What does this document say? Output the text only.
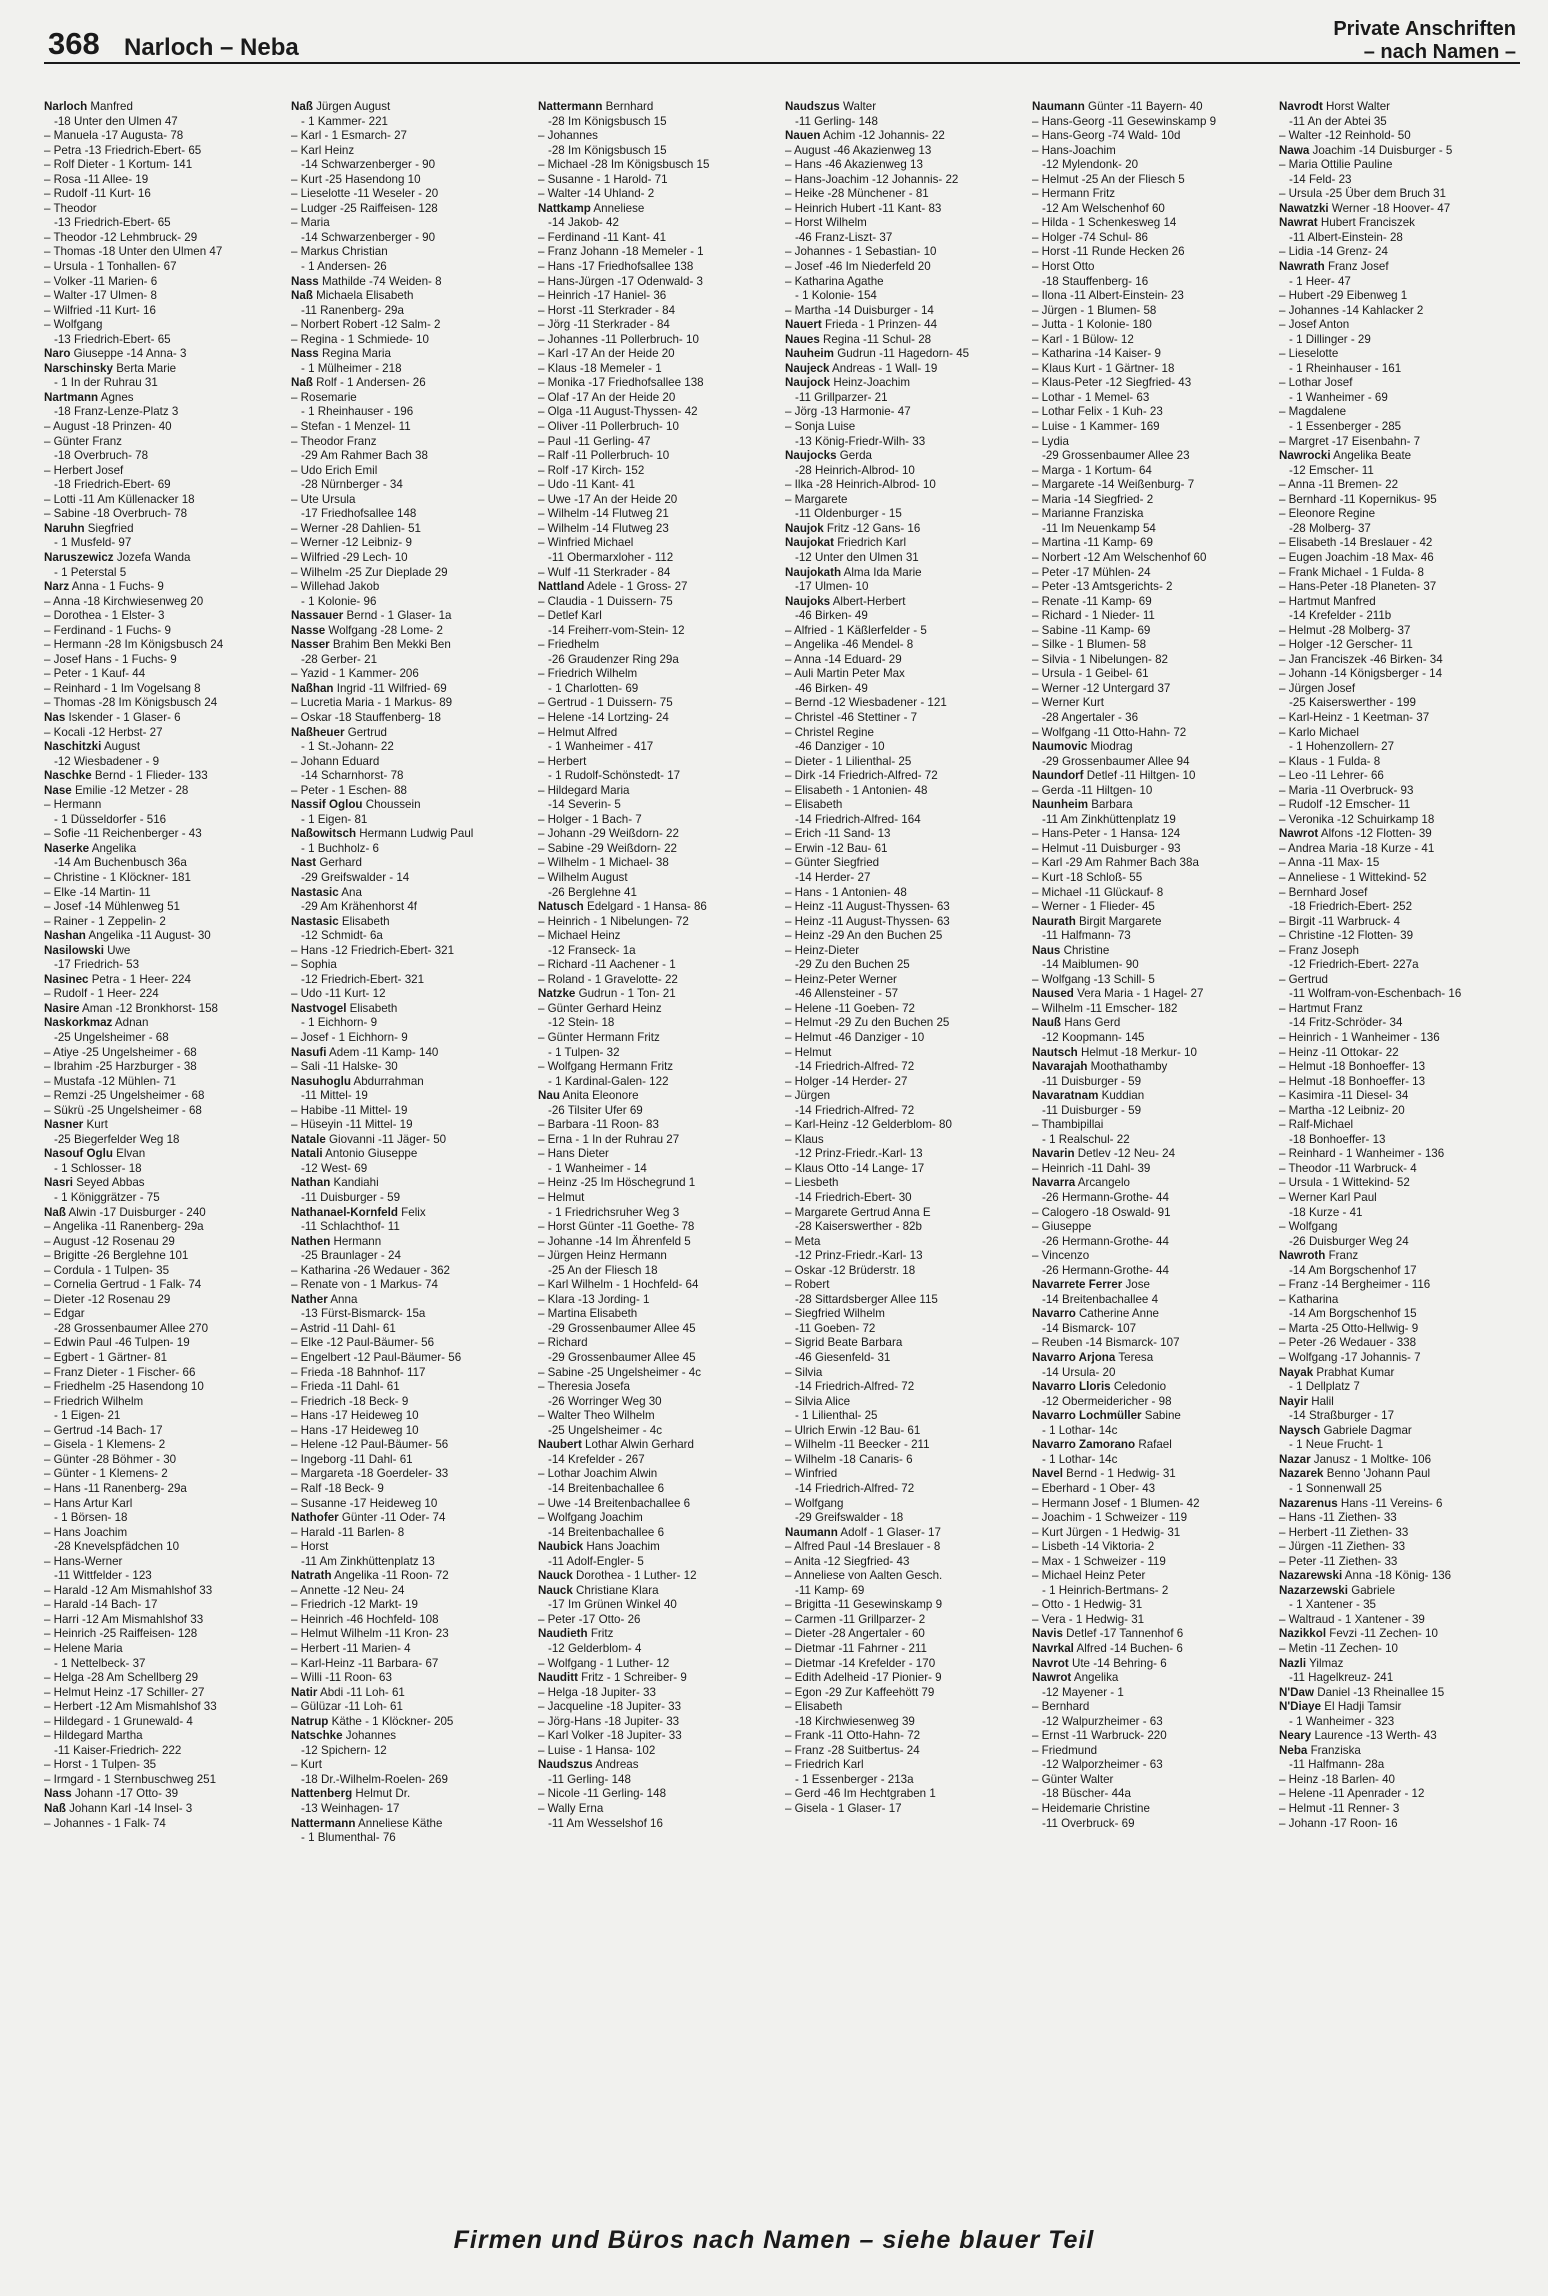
368 Narloch – Neba
Private Anschriften
– nach Namen –
Narloch Manfred
-18 Unter den Ulmen 47
– Manuela -17 Augusta- 78
– Petra -13 Friedrich-Ebert- 65
– Rolf Dieter - 1 Kortum- 141
– Rosa -11 Allee- 19
– Rudolf -11 Kurt- 16
– Theodor
-13 Friedrich-Ebert- 65
– Theodor -12 Lehmbruck- 29
– Thomas -18 Unter den Ulmen 47
– Ursula - 1 Tonhallen- 67
– Volker -11 Marien- 6
– Walter -17 Ulmen- 8
– Wilfried -11 Kurt- 16
– Wolfgang
-13 Friedrich-Ebert- 65
Naro Giuseppe -14 Anna- 3
Narschinsky Berta Marie
- 1 In der Ruhrau 31
Nartmann Agnes
-18 Franz-Lenze-Platz 3
– August -18 Prinzen- 40
– Günter Franz
-18 Overbruch- 78
– Herbert Josef
-18 Friedrich-Ebert- 69
– Lotti -11 Am Küllenacker 18
– Sabine -18 Overbruch- 78
Naruhn Siegfried
- 1 Musfeld- 97
Naruszewicz Jozefa Wanda
- 1 Peterstal 5
Narz Anna - 1 Fuchs- 9
– Anna -18 Kirchwiesenweg 20
– Dorothea - 1 Elster- 3
– Ferdinand - 1 Fuchs- 9
– Hermann -28 Im Königsbusch 24
– Josef Hans - 1 Fuchs- 9
– Peter - 1 Kauf- 44
– Reinhard - 1 Im Vogelsang 8
– Thomas -28 Im Königsbusch 24
Nas Iskender - 1 Glaser- 6
– Kocali -12 Herbst- 27
Naschitzki August
-12 Wiesbadener - 9
Naschke Bernd - 1 Flieder- 133
Nase Emilie -12 Metzer - 28
– Hermann
- 1 Düsseldorfer - 516
– Sofie -11 Reichenberger - 43
Naserke Angelika
-14 Am Buchenbusch 36a
– Christine - 1 Klöckner- 181
– Elke -14 Martin- 11
– Josef -14 Mühlenweg 51
– Rainer - 1 Zeppelin- 2
Nashan Angelika -11 August- 30
Nasilowski Uwe
-17 Friedrich- 53
Nasinec Petra - 1 Heer- 224
– Rudolf - 1 Heer- 224
Nasire Aman -12 Bronkhorst- 158
Naskorkmaz Adnan
-25 Ungelsheimer - 68
– Atiye -25 Ungelsheimer - 68
– Ibrahim -25 Harzburger - 38
– Mustafa -12 Mühlen- 71
– Remzi -25 Ungelsheimer - 68
– Sükrü -25 Ungelsheimer - 68
Nasner Kurt
-25 Biegerfelder Weg 18
Nasouf Oglu Elvan
- 1 Schlosser- 18
Nasri Seyed Abbas
- 1 Königgrätzer - 75
Naß Alwin -17 Duisburger - 240
– Angelika -11 Ranenberg- 29a
– August -12 Rosenau 29
– Brigitte -26 Berglehne 101
– Cordula - 1 Tulpen- 35
– Cornelia Gertrud - 1 Falk- 74
– Dieter -12 Rosenau 29
– Edgar
-28 Grossenbaumer Allee 270
– Edwin Paul -46 Tulpen- 19
– Egbert - 1 Gärtner- 81
– Franz Dieter - 1 Fischer- 66
– Friedhelm -25 Hasendong 10
– Friedrich Wilhelm
- 1 Eigen- 21
– Gertrud -14 Bach- 17
– Gisela - 1 Klemens- 2
– Günter -28 Böhmer - 30
– Günter - 1 Klemens- 2
– Hans -11 Ranenberg- 29a
– Hans Artur Karl
- 1 Börsen- 18
– Hans Joachim
-28 Knevelspfädchen 10
– Hans-Werner
-11 Wittfelder - 123
– Harald -12 Am Mismahlshof 33
– Harald -14 Bach- 17
– Harri -12 Am Mismahlshof 33
– Heinrich -25 Raiffeisen- 128
– Helene Maria
- 1 Nettelbeck- 37
– Helga -28 Am Schellberg 29
– Helmut Heinz -17 Schiller- 27
– Herbert -12 Am Mismahlshof 33
– Hildegard - 1 Grunewald- 4
– Hildegard Martha
-11 Kaiser-Friedrich- 222
– Horst - 1 Tulpen- 35
– Irmgard - 1 Sternbuschweg 251
Nass Johann -17 Otto- 39
Naß Johann Karl -14 Insel- 3
– Johannes - 1 Falk- 74
Naß Jürgen August
- 1 Kammer- 221
– Karl - 1 Esmarch- 27
– Karl Heinz
-14 Schwarzenberger - 90
– Kurt -25 Hasendong 10
– Lieselotte -11 Weseler - 20
– Ludger -25 Raiffeisen- 128
– Maria
-14 Schwarzenberger - 90
– Markus Christian
- 1 Andersen- 26
Nass Mathilde -74 Weiden- 8
Naß Michaela Elisabeth
-11 Ranenberg- 29a
– Norbert Robert -12 Salm- 2
– Regina - 1 Schmiede- 10
Nass Regina Maria
- 1 Mülheimer - 218
Naß Rolf - 1 Andersen- 26
– Rosemarie
- 1 Rheinhauser - 196
– Stefan - 1 Menzel- 11
– Theodor Franz
-29 Am Rahmer Bach 38
– Udo Erich Emil
-28 Nürnberger - 34
– Ute Ursula
-17 Friedhofsallee 148
– Werner -28 Dahlien- 51
– Werner -12 Leibniz- 9
– Wilfried -29 Lech- 10
– Wilhelm -25 Zur Dieplade 29
– Willehad Jakob
- 1 Kolonie- 96
Nassauer Bernd - 1 Glaser- 1a
Nasse Wolfgang -28 Lome- 2
Nasser Brahim Ben Mekki Ben
-28 Gerber- 21
– Yazid - 1 Kammer- 206
Naßhan Ingrid -11 Wilfried- 69
– Lucretia Maria - 1 Markus- 89
– Oskar -18 Stauffenberg- 18
Naßheuer Gertrud
- 1 St.-Johann- 22
– Johann Eduard
-14 Scharnhorst- 78
– Peter - 1 Eschen- 88
Nassif Oglou Choussein
- 1 Eigen- 81
Naßowitsch Hermann Ludwig Paul
- 1 Buchholz- 6
Nast Gerhard
-29 Greifswalder - 14
Nastasic Ana
-29 Am Krähenhorst 4f
Nastasic Elisabeth
-12 Schmidt- 6a
– Hans -12 Friedrich-Ebert- 321
– Sophia
-12 Friedrich-Ebert- 321
– Udo -11 Kurt- 12
Nastvogel Elisabeth
- 1 Eichhorn- 9
– Josef - 1 Eichhorn- 9
Nasufi Adem -11 Kamp- 140
– Sali -11 Halske- 30
Nasuhoglu Abdurrahman
-11 Mittel- 19
– Habibe -11 Mittel- 19
– Hüseyin -11 Mittel- 19
Natale Giovanni -11 Jäger- 50
Natali Antonio Giuseppe
-12 West- 69
Nathan Kandiahi
-11 Duisburger - 59
Nathanael-Kornfeld Felix
-11 Schlachthof- 11
Nathen Hermann
-25 Braunlager - 24
– Katharina -26 Wedauer - 362
– Renate von - 1 Markus- 74
Nather Anna
-13 Fürst-Bismarck- 15a
– Astrid -11 Dahl- 61
– Elke -12 Paul-Bäumer- 56
– Engelbert -12 Paul-Bäumer- 56
– Frieda -18 Bahnhof- 117
– Frieda -11 Dahl- 61
– Friedrich -18 Beck- 9
– Hans -17 Heideweg 10
– Hans -17 Heideweg 10
– Helene -12 Paul-Bäumer- 56
– Ingeborg -11 Dahl- 61
– Margareta -18 Goerdeler- 33
– Ralf -18 Beck- 9
– Susanne -17 Heideweg 10
Nathofer Günter -11 Oder- 74
– Harald -11 Barlen- 8
– Horst
-11 Am Zinkhüttenplatz 13
Natrath Angelika -11 Roon- 72
– Annette -12 Neu- 24
– Friedrich -12 Markt- 19
– Heinrich -46 Hochfeld- 108
– Helmut Wilhelm -11 Kron- 23
– Herbert -11 Marien- 4
– Karl-Heinz -11 Barbara- 67
– Willi -11 Roon- 63
Natir Abdi -11 Loh- 61
– Gülüzar -11 Loh- 61
Natrup Käthe - 1 Klöckner- 205
Natschke Johannes
-12 Spichern- 12
– Kurt
-18 Dr.-Wilhelm-Roelen- 269
Nattenberg Helmut Dr.
-13 Weinhagen- 17
Nattermann Anneliese Käthe
- 1 Blumenthal- 76
Nattermann Bernhard
-28 Im Königsbusch 15
– Johannes
-28 Im Königsbusch 15
– Michael -28 Im Königsbusch 15
– Susanne - 1 Harold- 71
– Walter -14 Uhland- 2
Nattkamp Anneliese
-14 Jakob- 42
– Ferdinand -11 Kant- 41
– Franz Johann -18 Memeler - 1
– Hans -17 Friedhofsallee 138
– Hans-Jürgen -17 Odenwald- 3
– Heinrich -17 Haniel- 36
– Horst -11 Sterkrader - 84
– Jörg -11 Sterkrader - 84
– Johannes -11 Pollerbruch- 10
– Karl -17 An der Heide 20
– Klaus -18 Memeler - 1
– Monika -17 Friedhofsallee 138
– Olaf -17 An der Heide 20
– Olga -11 August-Thyssen- 42
– Oliver -11 Pollerbruch- 10
– Paul -11 Gerling- 47
– Ralf -11 Pollerbruch- 10
– Rolf -17 Kirch- 152
– Udo -11 Kant- 41
– Uwe -17 An der Heide 20
– Wilhelm -14 Flutweg 21
– Wilhelm -14 Flutweg 23
– Winfried Michael
-11 Obermarxloher - 112
– Wulf -11 Sterkrader - 84
Nattland Adele - 1 Gross- 27
– Claudia - 1 Duissern- 75
– Detlef Karl
-14 Freiherr-vom-Stein- 12
– Friedhelm
-26 Graudenzer Ring 29a
– Friedrich Wilhelm
- 1 Charlotten- 69
– Gertrud - 1 Duissern- 75
– Helene -14 Lortzing- 24
– Helmut Alfred
- 1 Wanheimer - 417
– Herbert
- 1 Rudolf-Schönstedt- 17
– Hildegard Maria
-14 Severin- 5
– Holger - 1 Bach- 7
– Johann -29 Weißdorn- 22
– Sabine -29 Weißdorn- 22
– Wilhelm - 1 Michael- 38
– Wilhelm August
-26 Berglehne 41
Natusch Edelgard - 1 Hansa- 86
– Heinrich - 1 Nibelungen- 72
– Michael Heinz
-12 Franseck- 1a
– Richard -11 Aachener - 1
– Roland - 1 Gravelotte- 22
Natzke Gudrun - 1 Ton- 21
– Günter Gerhard Heinz
-12 Stein- 18
– Günter Hermann Fritz
- 1 Tulpen- 32
– Wolfgang Hermann Fritz
- 1 Kardinal-Galen- 122
Nau Anita Eleonore
-26 Tilsiter Ufer 69
– Barbara -11 Roon- 83
– Erna - 1 In der Ruhrau 27
– Hans Dieter
- 1 Wanheimer - 14
– Heinz -25 Im Höschegrund 1
– Helmut
- 1 Friedrichsruher Weg 3
– Horst Günter -11 Goethe- 78
– Johanne -14 Im Ährenfeld 5
– Jürgen Heinz Hermann
-25 An der Fliesch 18
– Karl Wilhelm - 1 Hochfeld- 64
– Klara -13 Jording- 1
– Martina Elisabeth
-29 Grossenbaumer Allee 45
– Richard
-29 Grossenbaumer Allee 45
– Sabine -25 Ungelsheimer - 4c
– Theresia Josefa
-26 Worringer Weg 30
– Walter Theo Wilhelm
-25 Ungelsheimer - 4c
Naubert Lothar Alwin Gerhard
-14 Krefelder - 267
– Lothar Joachim Alwin
-14 Breitenbachallee 6
– Uwe -14 Breitenbachallee 6
– Wolfgang Joachim
-14 Breitenbachallee 6
Naubick Hans Joachim
-11 Adolf-Engler- 5
Nauck Dorothea - 1 Luther- 12
Nauck Christiane Klara
-17 Im Grünen Winkel 40
– Peter -17 Otto- 26
Naudieth Fritz
-12 Gelderblom- 4
– Wolfgang - 1 Luther- 12
Nauditt Fritz - 1 Schreiber- 9
– Helga -18 Jupiter- 33
– Jacqueline -18 Jupiter- 33
– Jörg-Hans -18 Jupiter- 33
– Karl Volker -18 Jupiter- 33
– Luise - 1 Hansa- 102
Naudszus Andreas
-11 Gerling- 148
– Nicole -11 Gerling- 148
– Wally Erna
-11 Am Wesselshof 16
Naudszus Walter
-11 Gerling- 148
Nauen Achim -12 Johannis- 22
– August -46 Akazienweg 13
– Hans -46 Akazienweg 13
– Hans-Joachim -12 Johannis- 22
– Heike -28 Münchener - 81
– Heinrich Hubert -11 Kant- 83
– Horst Wilhelm
-46 Franz-Liszt- 37
– Johannes - 1 Sebastian- 10
– Josef -46 Im Niederfeld 20
– Katharina Agathe
- 1 Kolonie- 154
– Martha -14 Duisburger - 14
Nauert Frieda - 1 Prinzen- 44
Naues Regina -11 Schul- 28
Nauheim Gudrun -11 Hagedorn- 45
Naujeck Andreas - 1 Wall- 19
Naujock Heinz-Joachim
-11 Grillparzer- 21
– Jörg -13 Harmonie- 47
– Sonja Luise
-13 König-Friedr-Wilh- 33
Naujocks Gerda
-28 Heinrich-Albrod- 10
– Ilka -28 Heinrich-Albrod- 10
– Margarete
-11 Oldenburger - 15
Naujok Fritz -12 Gans- 16
Naujokat Friedrich Karl
-12 Unter den Ulmen 31
Naujokath Alma Ida Marie
-17 Ulmen- 10
Naujoks Albert-Herbert
-46 Birken- 49
– Alfried - 1 Käßlerfelder - 5
– Angelika -46 Mendel- 8
– Anna -14 Eduard- 29
– Auli Martin Peter Max
-46 Birken- 49
– Bernd -12 Wiesbadener - 121
– Christel -46 Stettiner - 7
– Christel Regine
-46 Danziger - 10
– Dieter - 1 Lilienthal- 25
– Dirk -14 Friedrich-Alfred- 72
– Elisabeth - 1 Antonien- 48
– Elisabeth
-14 Friedrich-Alfred- 164
– Erich -11 Sand- 13
– Erwin -12 Bau- 61
– Günter Siegfried
-14 Herder- 27
– Hans - 1 Antonien- 48
– Heinz -11 August-Thyssen- 63
– Heinz -11 August-Thyssen- 63
– Heinz -29 An den Buchen 25
– Heinz-Dieter
-29 Zu den Buchen 25
– Heinz-Peter Werner
-46 Allensteiner - 57
– Helene -11 Goeben- 72
– Helmut -29 Zu den Buchen 25
– Helmut -46 Danziger - 10
– Helmut
-14 Friedrich-Alfred- 72
– Holger -14 Herder- 27
– Jürgen
-14 Friedrich-Alfred- 72
– Karl-Heinz -12 Gelderblom- 80
– Klaus
-12 Prinz-Friedr.-Karl- 13
– Klaus Otto -14 Lange- 17
– Liesbeth
-14 Friedrich-Ebert- 30
– Margarete Gertrud Anna E
-28 Kaiserswerther - 82b
– Meta
-12 Prinz-Friedr.-Karl- 13
– Oskar -12 Brüderstr. 18
– Robert
-28 Sittardsberger Allee 115
– Siegfried Wilhelm
-11 Goeben- 72
– Sigrid Beate Barbara
-46 Giesenfeld- 31
– Silvia
-14 Friedrich-Alfred- 72
– Silvia Alice
- 1 Lilienthal- 25
– Ulrich Erwin -12 Bau- 61
– Wilhelm -11 Beecker - 211
– Wilhelm -18 Canaris- 6
– Winfried
-14 Friedrich-Alfred- 72
– Wolfgang
-29 Greifswalder - 18
Naumann Adolf - 1 Glaser- 17
– Alfred Paul -14 Breslauer - 8
– Anita -12 Siegfried- 43
– Anneliese von Aalten Gesch.
-11 Kamp- 69
– Brigitta -11 Gesewinskamp 9
– Carmen -11 Grillparzer- 2
– Dieter -28 Angertaler - 60
– Dietmar -11 Fahrner - 211
– Dietmar -14 Krefelder - 170
– Edith Adelheid -17 Pionier- 9
– Egon -29 Zur Kaffeehött 79
– Elisabeth
-18 Kirchwiesenweg 39
– Frank -11 Otto-Hahn- 72
– Franz -28 Suitbertus- 24
– Friedrich Karl
- 1 Essenberger - 213a
– Gerd -46 Im Hechtgraben 1
– Gisela - 1 Glaser- 17
Naumann Günter -11 Bayern- 40
– Hans-Georg -11 Gesewinskamp 9
– Hans-Georg -74 Wald- 10d
– Hans-Joachim
-12 Mylendonk- 20
– Helmut -25 An der Fliesch 5
– Hermann Fritz
-12 Am Welschenhof 60
– Hilda - 1 Schenkesweg 14
– Holger -74 Schul- 86
– Horst -11 Runde Hecken 26
– Horst Otto
-18 Stauffenberg- 16
– Ilona -11 Albert-Einstein- 23
– Jürgen - 1 Blumen- 58
– Jutta - 1 Kolonie- 180
– Karl - 1 Bülow- 12
– Katharina -14 Kaiser- 9
– Klaus Kurt - 1 Gärtner- 18
– Klaus-Peter -12 Siegfried- 43
– Lothar - 1 Memel- 63
– Lothar Felix - 1 Kuh- 23
– Luise - 1 Kammer- 169
– Lydia
-29 Grossenbaumer Allee 23
– Marga - 1 Kortum- 64
– Margarete -14 Weißenburg- 7
– Maria -14 Siegfried- 2
– Marianne Franziska
-11 Im Neuenkamp 54
– Martina -11 Kamp- 69
– Norbert -12 Am Welschenhof 60
– Peter -17 Mühlen- 24
– Peter -13 Amtsgerichts- 2
– Renate -11 Kamp- 69
– Richard - 1 Nieder- 11
– Sabine -11 Kamp- 69
– Silke - 1 Blumen- 58
– Silvia - 1 Nibelungen- 82
– Ursula - 1 Geibel- 61
– Werner -12 Untergard 37
– Werner Kurt
-28 Angertaler - 36
– Wolfgang -11 Otto-Hahn- 72
Naumovic Miodrag
-29 Grossenbaumer Allee 94
Naundorf Detlef -11 Hiltgen- 10
– Gerda -11 Hiltgen- 10
Naunheim Barbara
-11 Am Zinkhüttenplatz 19
– Hans-Peter - 1 Hansa- 124
– Helmut -11 Duisburger - 93
– Karl -29 Am Rahmer Bach 38a
– Kurt -18 Schloß- 55
– Michael -11 Glückauf- 8
– Werner - 1 Flieder- 45
Naurath Birgit Margarete
-11 Halfmann- 73
Naus Christine
-14 Maiblumen- 90
– Wolfgang -13 Schill- 5
Naused Vera Maria - 1 Hagel- 27
– Wilhelm -11 Emscher- 182
Nauß Hans Gerd
-12 Koopmann- 145
Nautsch Helmut -18 Merkur- 10
Navarajah Moothathamby
-11 Duisburger - 59
Navaratnam Kuddian
-11 Duisburger - 59
– Thambipillai
- 1 Realschul- 22
Navarin Detlev -12 Neu- 24
– Heinrich -11 Dahl- 39
Navarra Arcangelo
-26 Hermann-Grothe- 44
– Calogero -18 Oswald- 91
– Giuseppe
-26 Hermann-Grothe- 44
– Vincenzo
-26 Hermann-Grothe- 44
Navarrete Ferrer Jose
-14 Breitenbachallee 4
Navarro Catherine Anne
-14 Bismarck- 107
– Reuben -14 Bismarck- 107
Navarro Arjona Teresa
-14 Ursula- 20
Navarro Lloris Celedonio
-12 Obermeidericher - 98
Navarro Lochmüller Sabine
- 1 Lothar- 14c
Navarro Zamorano Rafael
- 1 Lothar- 14c
Navel Bernd - 1 Hedwig- 31
– Eberhard - 1 Ober- 43
– Hermann Josef - 1 Blumen- 42
– Joachim - 1 Schweizer - 119
– Kurt Jürgen - 1 Hedwig- 31
– Lisbeth -14 Viktoria- 2
– Max - 1 Schweizer - 119
– Michael Heinz Peter
- 1 Heinrich-Bertmans- 2
– Otto - 1 Hedwig- 31
– Vera - 1 Hedwig- 31
Navis Detlef -17 Tannenhof 6
Navrkal Alfred -14 Buchen- 6
Navrot Ute -14 Behring- 6
Nawrot Angelika
-12 Mayener - 1
– Bernhard
-12 Walpurzheimer - 63
– Ernst -11 Warbruck- 220
– Friedmund
-12 Walporzheimer - 63
– Günter Walter
-18 Büscher- 44a
– Heidemarie Christine
-11 Overbruck- 69
Navrodt Horst Walter
-11 An der Abtei 35
– Walter -12 Reinhold- 50
Nawa Joachim -14 Duisburger - 5
– Maria Ottilie Pauline
-14 Feld- 23
– Ursula -25 Über dem Bruch 31
Nawatzki Werner -18 Hoover- 47
Nawrat Hubert Franciszek
-11 Albert-Einstein- 28
– Lidia -14 Grenz- 24
Nawrath Franz Josef
- 1 Heer- 47
– Hubert -29 Eibenweg 1
– Johannes -14 Kahlacker 2
– Josef Anton
- 1 Dillinger - 29
– Lieselotte
- 1 Rheinhauser - 161
– Lothar Josef
- 1 Wanheimer - 69
– Magdalene
- 1 Essenberger - 285
– Margret -17 Eisenbahn- 7
Nawrocki Angelika Beate
-12 Emscher- 11
– Anna -11 Bremen- 22
– Bernhard -11 Kopernikus- 95
– Eleonore Regine
-28 Molberg- 37
– Elisabeth -14 Breslauer - 42
– Eugen Joachim -18 Max- 46
– Frank Michael - 1 Fulda- 8
– Hans-Peter -18 Planeten- 37
– Hartmut Manfred
-14 Krefelder - 211b
– Helmut -28 Molberg- 37
– Holger -12 Gerscher- 11
– Jan Franciszek -46 Birken- 34
– Johann -14 Königsberger - 14
– Jürgen Josef
-25 Kaiserswerther - 199
– Karl-Heinz - 1 Keetman- 37
– Karlo Michael
- 1 Hohenzollern- 27
– Klaus - 1 Fulda- 8
– Leo -11 Lehrer- 66
– Maria -11 Overbruck- 93
– Rudolf -12 Emscher- 11
– Veronika -12 Schuirkamp 18
Nawrot Alfons -12 Flotten- 39
– Andrea Maria -18 Kurze - 41
– Anna -11 Max- 15
– Anneliese - 1 Wittekind- 52
– Bernhard Josef
-18 Friedrich-Ebert- 252
– Birgit -11 Warbruck- 4
– Christine -12 Flotten- 39
– Franz Joseph
-12 Friedrich-Ebert- 227a
– Gertrud
-11 Wolfram-von-Eschenbach- 16
– Hartmut Franz
-14 Fritz-Schröder- 34
– Heinrich - 1 Wanheimer - 136
– Heinz -11 Ottokar- 22
– Helmut -18 Bonhoeffer- 13
– Helmut -18 Bonhoeffer- 13
– Kasimira -11 Diesel- 34
– Martha -12 Leibniz- 20
– Ralf-Michael
-18 Bonhoeffer- 13
– Reinhard - 1 Wanheimer - 136
– Theodor -11 Warbruck- 4
– Ursula - 1 Wittekind- 52
– Werner Karl Paul
-18 Kurze - 41
– Wolfgang
-26 Duisburger Weg 24
Nawroth Franz
-14 Am Borgschenhof 17
– Franz -14 Bergheimer - 116
– Katharina
-14 Am Borgschenhof 15
– Marta -25 Otto-Hellwig- 9
– Peter -26 Wedauer - 338
– Wolfgang -17 Johannis- 7
Nayak Prabhat Kumar
- 1 Dellplatz 7
Nayir Halil
-14 Straßburger - 17
Naysch Gabriele Dagmar
- 1 Neue Frucht- 1
Nazar Janusz - 1 Moltke- 106
Nazarek Benno 'Johann Paul
- 1 Sonnenwall 25
Nazarenus Hans -11 Vereins- 6
– Hans -11 Ziethen- 33
– Herbert -11 Ziethen- 33
– Jürgen -11 Ziethen- 33
– Peter -11 Ziethen- 33
Nazarewski Anna -18 König- 136
Nazarzewski Gabriele
- 1 Xantener - 35
– Waltraud - 1 Xantener - 39
Nazikkol Fevzi -11 Zechen- 10
– Metin -11 Zechen- 10
Nazli Yilmaz
-11 Hagelkreuz- 241
N'Daw Daniel -13 Rheinallee 15
N'Diaye El Hadji Tamsir
- 1 Wanheimer - 323
Neary Laurence -13 Werth- 43
Neba Franziska
-11 Halfmann- 28a
– Heinz -18 Barlen- 40
– Helene -11 Apenrader - 12
– Helmut -11 Renner- 3
– Johann -17 Roon- 16
Firmen und Büros nach Namen – siehe blauer Teil
